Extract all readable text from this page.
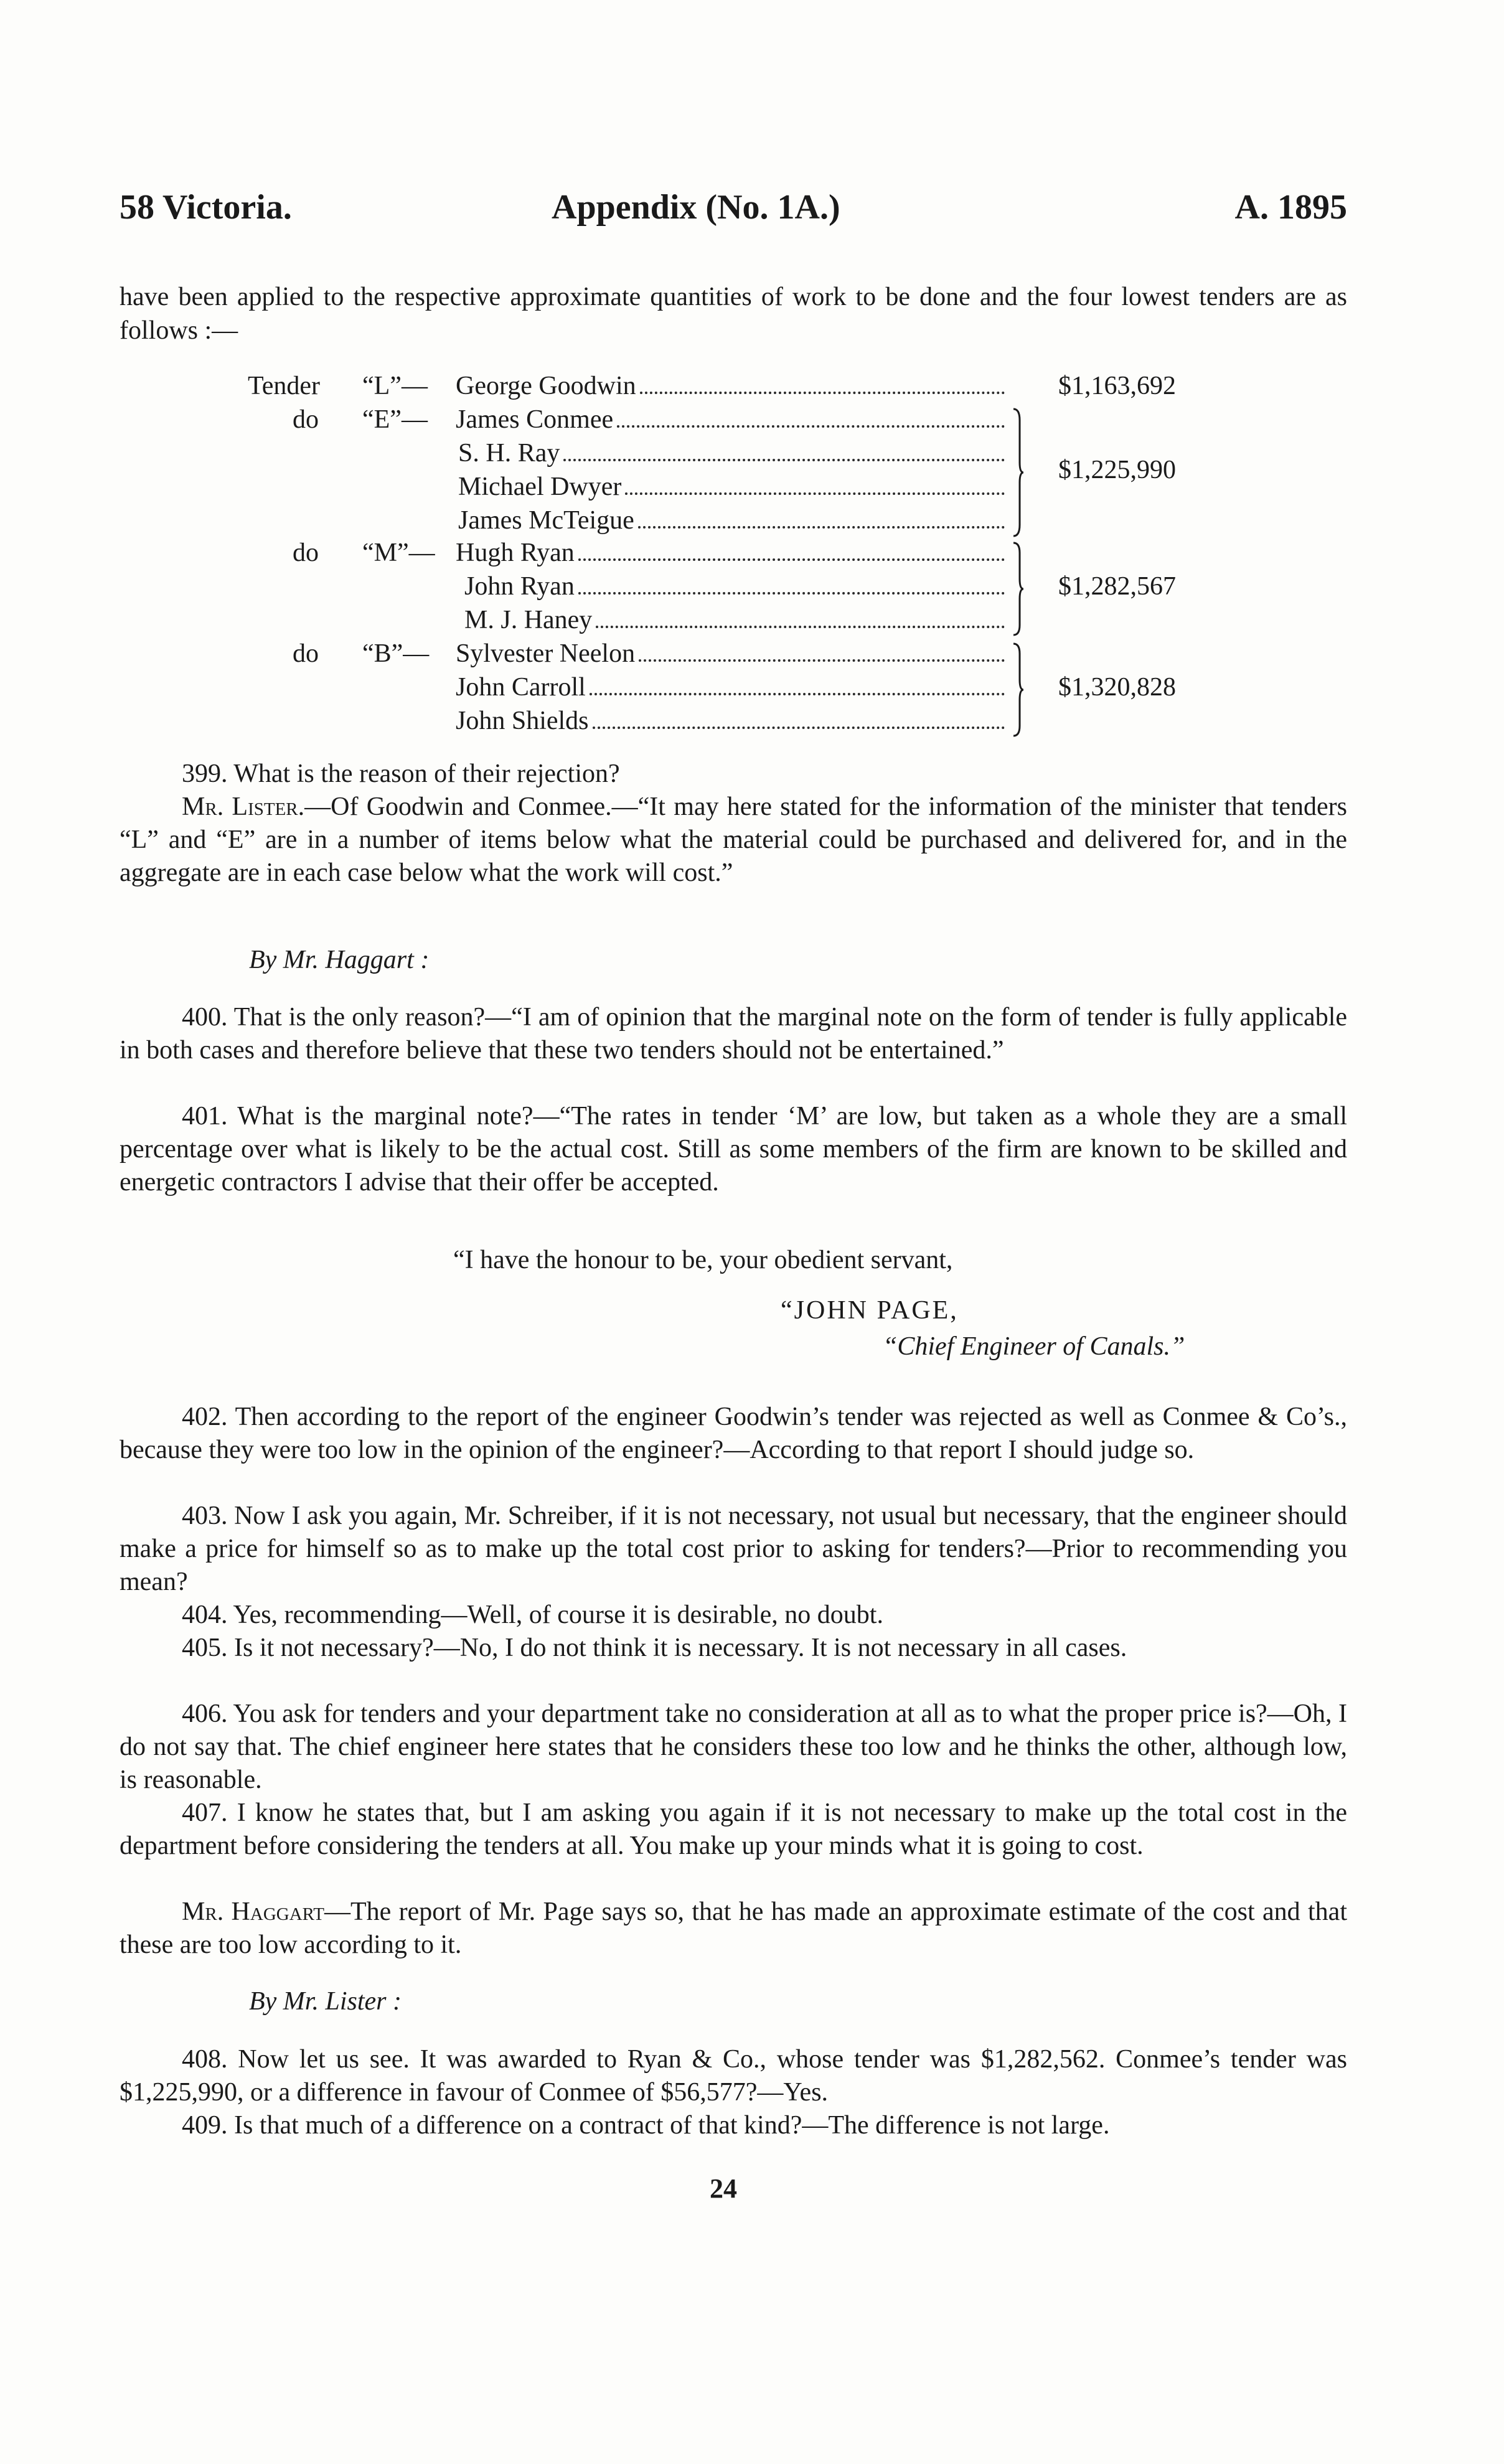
58 Victoria.	Appendix (No. 1A.)	A. 1895
have been applied to the respective approximate quantities of work to be done and the four lowest tenders are as follows :—
Tender “L”— George Goodwin	$1,163,692
do “E”— James Conmee
S. H. Ray
Michael Dwyer
James McTeigue
$1,225,990
do “M”— Hugh Ryan
John Ryan
M. J. Haney
$1,282,567
do “B”— Sylvester Neelon
John Carroll
John Shields
$1,320,828

399. What is the reason of their rejection?

Mr. Lister.—Of Goodwin and Conmee.—“It may here stated for the information of the minister that tenders “L” and “E” are in a number of items below what the material could be purchased and delivered for, and in the aggregate are in each case below what the work will cost.”

By Mr. Haggart :

400. That is the only reason?—“I am of opinion that the marginal note on the form of tender is fully applicable in both cases and therefore believe that these two tenders should not be entertained.”

401. What is the marginal note?—“The rates in tender ‘M’ are low, but taken as a whole they are a small percentage over what is likely to be the actual cost. Still as some members of the firm are known to be skilled and energetic contractors I advise that their offer be accepted.

“I have the honour to be, your obedient servant,
“JOHN PAGE,
“Chief Engineer of Canals.”

402. Then according to the report of the engineer Goodwin’s tender was rejected as well as Conmee & Co’s., because they were too low in the opinion of the engineer?—According to that report I should judge so.

403. Now I ask you again, Mr. Schreiber, if it is not necessary, not usual but necessary, that the engineer should make a price for himself so as to make up the total cost prior to asking for tenders?—Prior to recommending you mean?

404. Yes, recommending—Well, of course it is desirable, no doubt.

405. Is it not necessary?—No, I do not think it is necessary. It is not necessary in all cases.

406. You ask for tenders and your department take no consideration at all as to what the proper price is?—Oh, I do not say that. The chief engineer here states that he considers these too low and he thinks the other, although low, is reasonable.

407. I know he states that, but I am asking you again if it is not necessary to make up the total cost in the department before considering the tenders at all. You make up your minds what it is going to cost.

Mr. Haggart—The report of Mr. Page says so, that he has made an approximate estimate of the cost and that these are too low according to it.

By Mr. Lister :

408. Now let us see. It was awarded to Ryan & Co., whose tender was $1,282,562. Conmee’s tender was $1,225,990, or a difference in favour of Conmee of $56,577?—Yes.

409. Is that much of a difference on a contract of that kind?—The difference is not large.

24
